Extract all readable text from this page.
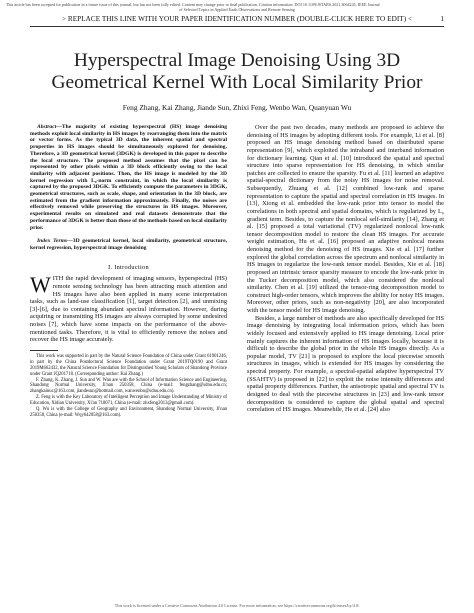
This article has been accepted for publication in a future issue of this journal, but has not been fully edited. Content may change prior to final publication. Citation information: DOI 10.1109/JSTARS.2021.3064245, IEEE Journal
of Selected Topics in Applied Earth Observations and Remote Sensing
> REPLACE THIS LINE WITH YOUR PAPER IDENTIFICATION NUMBER (DOUBLE-CLICK HERE TO EDIT) <	1
Hyperspectral Image Denoising Using 3D
Geometrical Kernel With Local Similarity Prior
Feng Zhang, Kai Zhang, Jiande Sun, Zhixi Feng, Wenbo Wan, Quanyuan Wu

Abstract—The majority of existing hyperspectral (HS) image denoising methods exploit local similarity in HS images by rearranging them into the matrix or vector forms. As the typical 3D data, the inherent spatial and spectral properties in HS images should be simultaneously explored for denoising. Therefore, a 3D geometrical kernel (3DGK) is developed in this paper to describe the local structure. The proposed method assumes that the pixel can be represented by other pixels within a 3D block efficiently owing to the local similarity with adjacent positions. Then, the HS image is modeled by the 3D kernel regression with L₀-norm constraint, in which the local similarity is captured by the proposed 3DGK. To efficiently compute the parameters in 3DGK, geometrical structures, such as scale, shape, and orientation in the 3D block, are estimated from the gradient information approximately. Finally, the noises are effectively removed while preserving the structures in HS images. Moreover, experimental results on simulated and real datasets demonstrate that the performance of 3DGK is better than those of the methods based on local similarity prior.

Index Terms—3D geometrical kernel, local similarity, geometrical structure, kernel regression, hyperspectral image denoising

I. Introduction

WITH the rapid development of imaging sensors, hyperspectral (HS) remote sensing technology has been attracting much attention and HS images have also been applied in many scene interpretation tasks, such as land-use classification [1], target detection [2], and unmixing [3]-[6], due to containing abundant spectral information. However, during acquiring or transmitting HS images are always corrupted by some undesired noises [7], which have some impacts on the performance of the above-mentioned tasks. Therefore, it is vital to efficiently remove the noises and recover the HS image accurately.

This work was supported in part by the Natural Science Foundation of China under Grant 61901246, in part by the China Postdoctoral Science Foundation under Grant 2019TQ0190 and Grant 2019M662432, the Natural Science Foundation for Distinguished Young Scholars of Shandong Province under Grant JQ201718. (Corresponding author: Kai Zhang.)

F. Zhang, K. Zhang, J. Sun and W. Wan are with the School of Information Science and Engineering, Shandong Normal University, Ji'nan 250358, China (e-mail: fengzhang@sdnu.edu.cn; zhangkainuc@163.com, jiandesun@hotmail.com, wanwenbo@sdnu.edu.cn).

Z. Feng is with the Key Laboratory of Intelligent Perception and Image Understanding of Ministry of Education, Xidian University, Xi'an 710071, China (e-mail: zhxfeng2013@gmail.com).

Q. Wu is with the College of Geography and Environment, Shandong Normal University, Ji'nan 250358, China (e-mail: Wqy642058@163.com).

Over the past two decades, many methods are proposed to achieve the denoising of HS images by adopting different tools. For example, Li et al. [8] proposed an HS image denoising method based on distributed sparse representation [9], which exploited the intraband and interband information for dictionary learning. Qian et al. [10] introduced the spatial and spectral structure into sparse representation for HS denoising, in which similar patches are collected to ensure the sparsity. Fu et al. [11] learned an adaptive spatial-spectral dictionary from the noisy HS images for noise removal. Subsequently, Zhuang et al. [12] combined low-rank and sparse representation to capture the spatial and spectral correlation in HS images. In [13], Xiong et al. embedded the low-rank prior into tensor to model the correlations in both spectral and spatial domains, which is regularized by L₀ gradient term. Besides, to capture the nonlocal self-similarity [14], Zhang et al. [15] proposed a total variational (TV) regularized nonlocal low-rank tensor decomposition model to restore the clean HS images. For accurate weight estimation, Hu et al. [16] proposed an adaptive nonlocal means denoising method for the denoising of HS images. Xie et al. [17] further explored the global correlation across the spectrum and nonlocal similarity in HS images to regularize the low-rank tensor model. Besides, Xie et al. [18] proposed an intrinsic tensor sparsity measure to encode the low-rank prior in the Tucker decomposition model, which also considered the nonlocal similarity. Chen et al. [19] utilized the tensor-ring decomposition model to construct high-order tensors, which improves the ability for noisy HS images. Moreover, other priors, such as non-negativity [20], are also incorporated with the tensor model for HS image denoising.

Besides, a large number of methods are also specifically developed for HS image denoising by integrating local information priors, which has been widely focused and extensively applied to HS image denoising. Local prior mainly captures the inherent information of HS images locally, because it is difficult to describe the global prior in the whole HS images directly. As a popular model, TV [21] is proposed to explore the local piecewise smooth structures in images, which is extended for HS images by considering the spectral property. For example, a spectral-spatial adaptive hyperspectral TV (SSAHTV) is proposed in [22] to exploit the noise intensity differences and spatial property differences. Further, the anisotropic spatial and spectral TV is designed to deal with the piecewise structures in [23] and low-rank tensor decomposition is considered to capture the global spatial and spectral correlation of HS images. Meanwhile, He et al. [24] also

This work is licensed under a Creative Commons Attribution 4.0 License. For more information, see https://creativecommons.org/licenses/by/4.0/
